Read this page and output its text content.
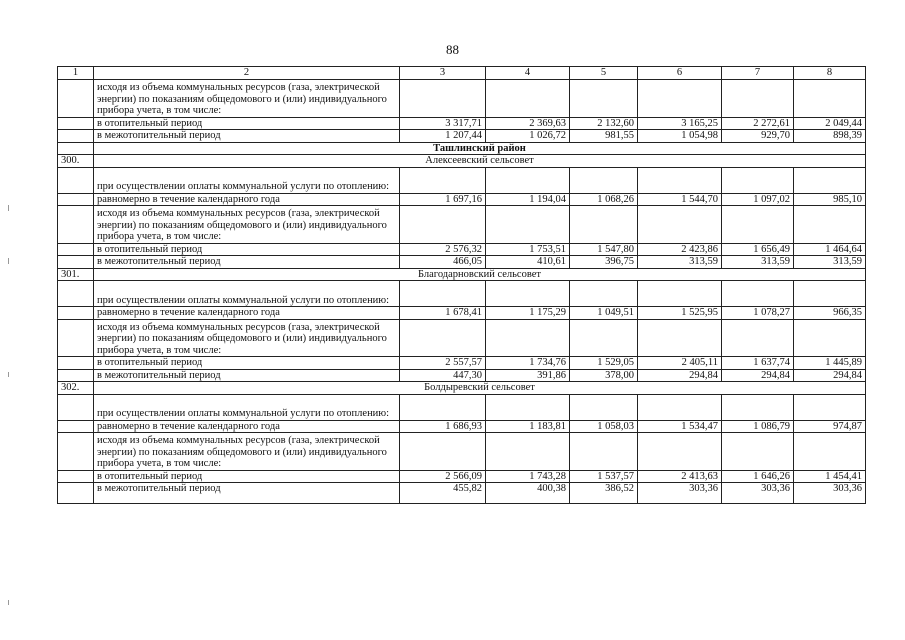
88
1	2	3	4	5	6	7	8
	исходя из объема коммунальных ресурсов (газа, электрической энергии) по показаниям общедомового и (или) индивидуального прибора учета, в том числе:						
	в отопительный период	3 317,71	2 369,63	2 132,60	3 165,25	2 272,61	2 049,44
	в межотопительный период	1 207,44	1 026,72	981,55	1 054,98	929,70	898,39
	Ташлинский район						
300.	Алексеевский сельсовет						
	при осуществлении оплаты коммунальной услуги по отоплению:						
	равномерно в течение календарного года	1 697,16	1 194,04	1 068,26	1 544,70	1 097,02	985,10
	исходя из объема коммунальных ресурсов (газа, электрической энергии) по показаниям общедомового и (или) индивидуального прибора учета, в том числе:						
	в отопительный период	2 576,32	1 753,51	1 547,80	2 423,86	1 656,49	1 464,64
	в межотопительный период	466,05	410,61	396,75	313,59	313,59	313,59
301.	Благодарновский сельсовет						
	при осуществлении оплаты коммунальной услуги по отоплению:						
	равномерно в течение календарного года	1 678,41	1 175,29	1 049,51	1 525,95	1 078,27	966,35
	исходя из объема коммунальных ресурсов (газа, электрической энергии) по показаниям общедомового и (или) индивидуального прибора учета, в том числе:						
	в отопительный период	2 557,57	1 734,76	1 529,05	2 405,11	1 637,74	1 445,89
	в межотопительный период	447,30	391,86	378,00	294,84	294,84	294,84
302.	Болдыревский сельсовет						
	при осуществлении оплаты коммунальной услуги по отоплению:						
	равномерно в течение календарного года	1 686,93	1 183,81	1 058,03	1 534,47	1 086,79	974,87
	исходя из объема коммунальных ресурсов (газа, электрической энергии) по показаниям общедомового и (или) индивидуального прибора учета, в том числе:						
	в отопительный период	2 566,09	1 743,28	1 537,57	2 413,63	1 646,26	1 454,41
	в межотопительный период	455,82	400,38	386,52	303,36	303,36	303,36
